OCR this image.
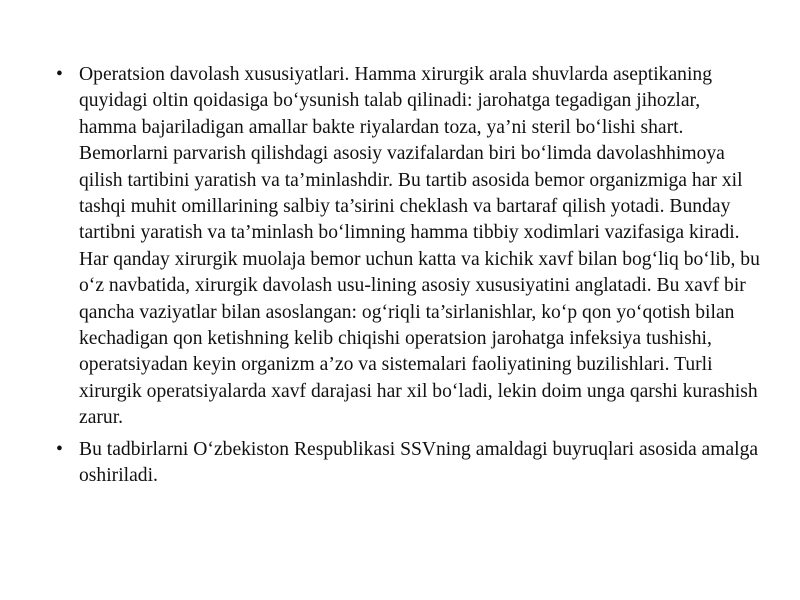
• Operatsion davolash xususiyatlari. Hamma xirurgik arala shuvlarda aseptikaning quyidagi oltin qoidasiga boʻysunish talab qilinadi: jarohatga tegadigan jihozlar, hamma bajariladigan amallar bakte riyalardan toza, ya’ni steril boʻlishi shart. Bemorlarni parvarish qilishdagi asosiy vazifalardan biri boʻlimda davolashhimoya qilish tartibini yaratish va ta’minlashdir. Bu tartib asosida bemor organizmiga har xil tashqi muhit omillarining salbiy ta’sirini cheklash va bartaraf qilish yotadi. Bunday tartibni yaratish va ta’minlash boʻlimning hamma tibbiy xodimlari vazifasiga kiradi. Har qanday xirurgik muolaja bemor uchun katta va kichik xavf bilan bogʻliq boʻlib, bu oʻz navbatida, xirurgik davolash usu-lining asosiy xususiyatini anglatadi. Bu xavf bir qancha vaziyatlar bilan asoslangan: ogʻriqli ta’sirlanishlar, koʻp qon yoʻqotish bilan kechadigan qon ketishning kelib chiqishi operatsion jarohatga infeksiya tushishi, operatsiyadan keyin organizm a’zo va sistemalari faoliyatining buzilishlari. Turli xirurgik operatsiyalarda xavf darajasi har xil boʻladi, lekin doim unga qarshi kurashish zarur.
• Bu tadbirlarni Oʻzbekiston Respublikasi SSVning amaldagi buyruqlari asosida amalga oshiriladi.
